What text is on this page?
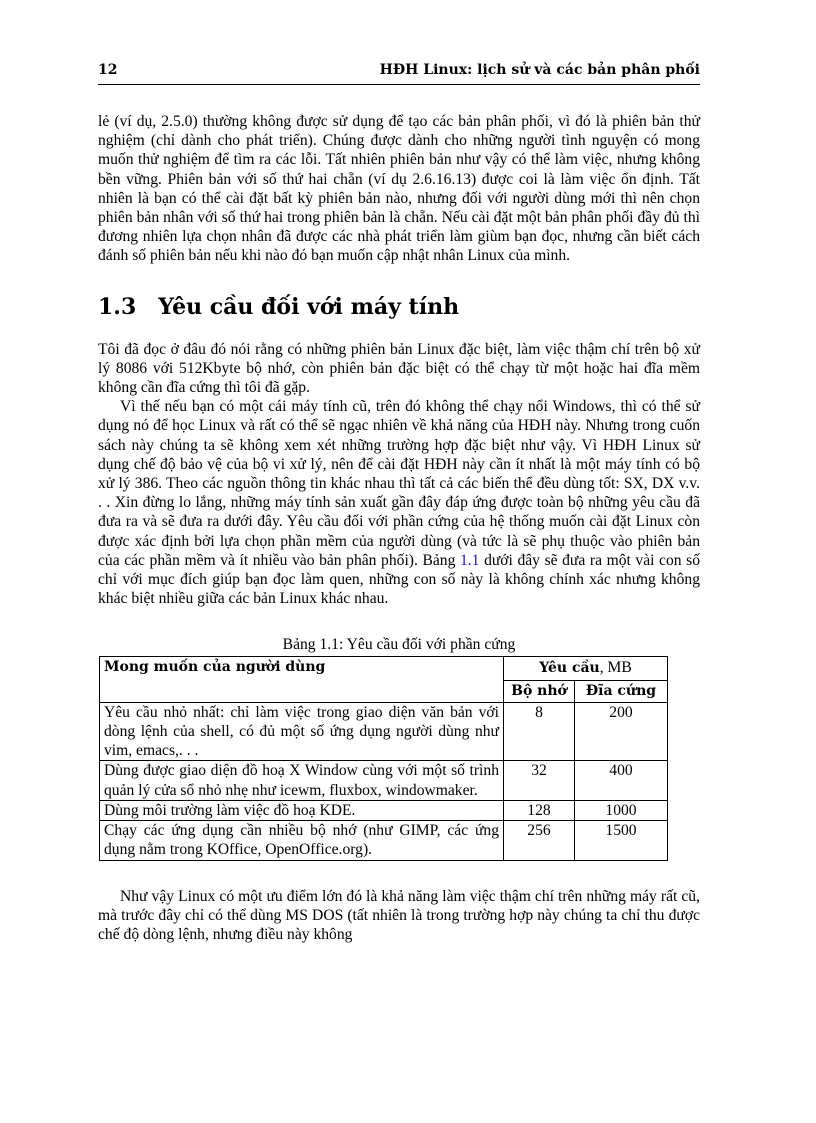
12	HĐH Linux: lịch sử và các bản phân phối

lẻ (ví dụ, 2.5.0) thường không được sử dụng để tạo các bản phân phối, vì đó là phiên bản thử nghiệm (chỉ dành cho phát triển). Chúng được dành cho những người tình nguyện có mong muốn thử nghiệm để tìm ra các lỗi. Tất nhiên phiên bản như vậy có thể làm việc, nhưng không bền vững. Phiên bản với số thứ hai chẵn (ví dụ 2.6.16.13) được coi là làm việc ổn định. Tất nhiên là bạn có thể cài đặt bất kỳ phiên bản nào, nhưng đối với người dùng mới thì nên chọn phiên bản nhân với số thứ hai trong phiên bản là chẵn. Nếu cài đặt một bản phân phối đầy đủ thì đương nhiên lựa chọn nhân đã được các nhà phát triển làm giùm bạn đọc, nhưng cần biết cách đánh số phiên bản nếu khi nào đó bạn muốn cập nhật nhân Linux của mình.

1.3 Yêu cầu đối với máy tính

Tôi đã đọc ở đâu đó nói rằng có những phiên bản Linux đặc biệt, làm việc thậm chí trên bộ xử lý 8086 với 512Kbyte bộ nhớ, còn phiên bản đặc biệt có thể chạy từ một hoặc hai đĩa mềm không cần đĩa cứng thì tôi đã gặp.

Vì thế nếu bạn có một cái máy tính cũ, trên đó không thể chạy nổi Windows, thì có thể sử dụng nó để học Linux và rất có thể sẽ ngạc nhiên về khả năng của HĐH này. Nhưng trong cuốn sách này chúng ta sẽ không xem xét những trường hợp đặc biệt như vậy. Vì HĐH Linux sử dụng chế độ bảo vệ của bộ vi xử lý, nên để cài đặt HĐH này cần ít nhất là một máy tính có bộ xử lý 386. Theo các nguồn thông tin khác nhau thì tất cả các biến thể đều dùng tốt: SX, DX v.v. . . Xin đừng lo lắng, những máy tính sản xuất gần đây đáp ứng được toàn bộ những yêu cầu đã đưa ra và sẽ đưa ra dưới đây. Yêu cầu đối với phần cứng của hệ thống muốn cài đặt Linux còn được xác định bởi lựa chọn phần mềm của người dùng (và tức là sẽ phụ thuộc vào phiên bản của các phần mềm và ít nhiều vào bản phân phối). Bảng 1.1 dưới đây sẽ đưa ra một vài con số chỉ với mục đích giúp bạn đọc làm quen, những con số này là không chính xác nhưng không khác biệt nhiều giữa các bản Linux khác nhau.

Bảng 1.1: Yêu cầu đối với phần cứng
Mong muốn của người dùng	Yêu cầu, MB	
	Bộ nhớ	Đĩa cứng
Yêu cầu nhỏ nhất: chỉ làm việc trong giao diện văn bản với dòng lệnh của shell, có đủ một số ứng dụng người dùng như vim, emacs,. . .	8	200
Dùng được giao diện đồ hoạ X Window cùng với một số trình quản lý cửa sổ nhỏ nhẹ như icewm, fluxbox, windowmaker.	32	400
Dùng môi trường làm việc đồ hoạ KDE.	128	1000
Chạy các ứng dụng cần nhiều bộ nhớ (như GIMP, các ứng dụng nằm trong KOffice, OpenOffice.org).	256	1500

Như vậy Linux có một ưu điểm lớn đó là khả năng làm việc thậm chí trên những máy rất cũ, mà trước đây chỉ có thể dùng MS DOS (tất nhiên là trong trường hợp này chúng ta chỉ thu được chế độ dòng lệnh, nhưng điều này không
